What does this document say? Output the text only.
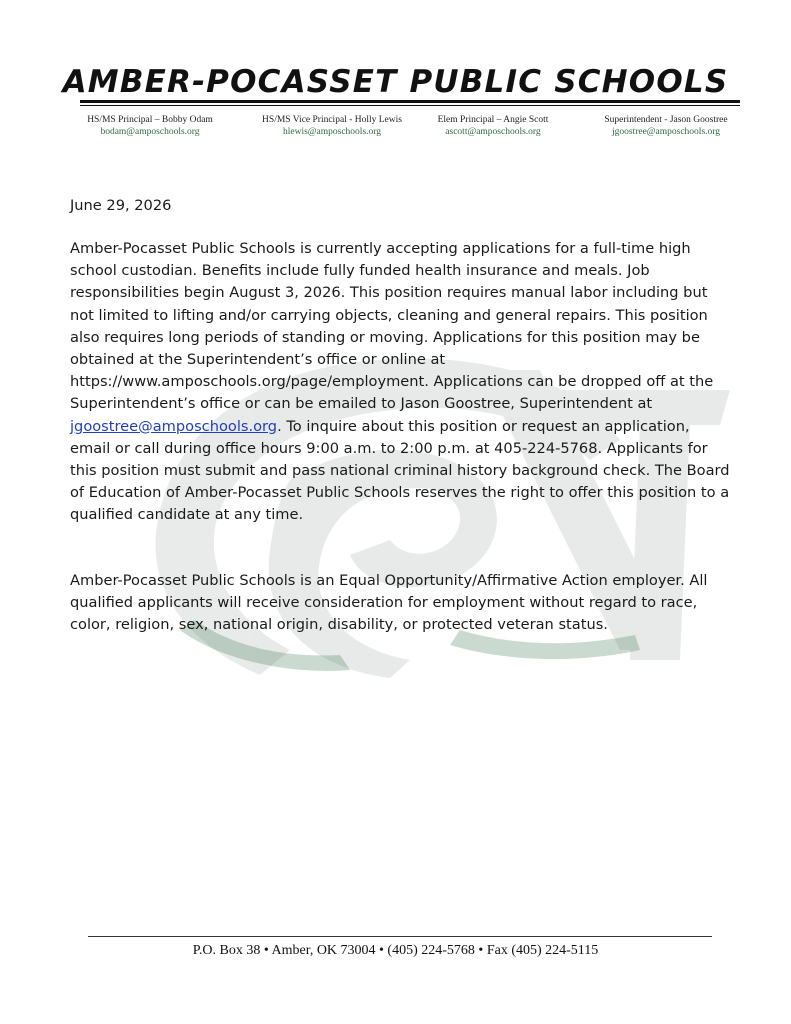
AMBER-POCASSET PUBLIC SCHOOLS
HS/MS Principal – Bobby Odam
bodam@amposchools.org
HS/MS Vice Principal - Holly Lewis
hlewis@amposchools.org
Elem Principal – Angie Scott
ascott@amposchools.org
Superintendent - Jason Goostree
jgoostree@amposchools.org
June 29, 2026

Amber-Pocasset Public Schools is currently accepting applications for a full-time high school custodian. Benefits include fully funded health insurance and meals. Job responsibilities begin August 3, 2026. This position requires manual labor including but not limited to lifting and/or carrying objects, cleaning and general repairs. This position also requires long periods of standing or moving. Applications for this position may be obtained at the Superintendent’s office or online at https://www.amposchools.org/page/employment. Applications can be dropped off at the Superintendent’s office or can be emailed to Jason Goostree, Superintendent at jgoostree@amposchools.org. To inquire about this position or request an application, email or call during office hours 9:00 a.m. to 2:00 p.m. at 405-224-5768. Applicants for this position must submit and pass national criminal history background check. The Board of Education of Amber-Pocasset Public Schools reserves the right to offer this position to a qualified candidate at any time.

Amber-Pocasset Public Schools is an Equal Opportunity/Affirmative Action employer. All qualified applicants will receive consideration for employment without regard to race, color, religion, sex, national origin, disability, or protected veteran status.

P.O. Box 38 • Amber, OK 73004 • (405) 224-5768 • Fax (405) 224-5115
